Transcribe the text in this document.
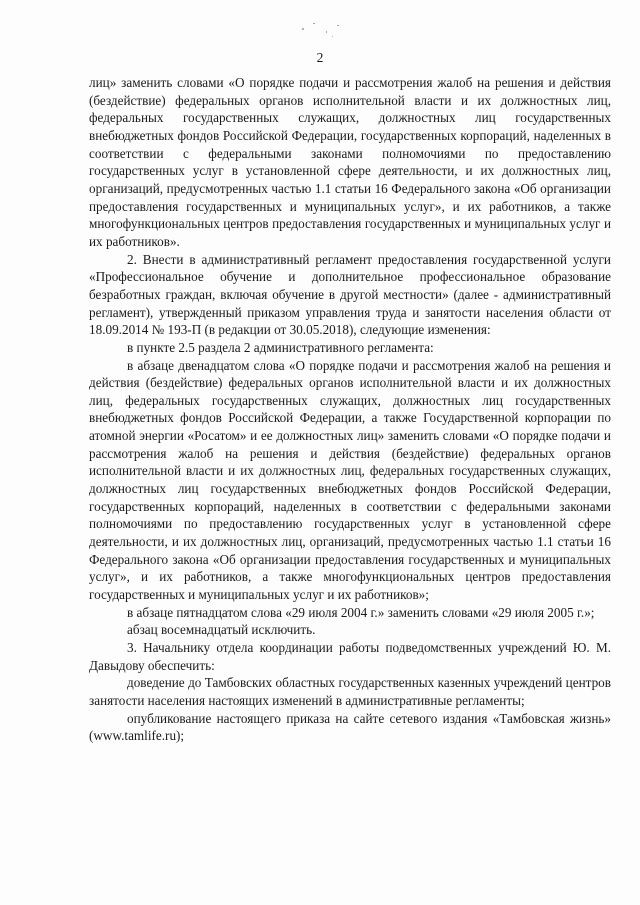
2

лиц» заменить словами «О порядке подачи и рассмотрения жалоб на решения и действия (бездействие) федеральных органов исполнительной власти и их должностных лиц, федеральных государственных служащих, должностных лиц государственных внебюджетных фондов Российской Федерации, государственных корпораций, наделенных в соответствии с федеральными законами полномочиями по предоставлению государственных услуг в установленной сфере деятельности, и их должностных лиц, организаций, предусмотренных частью 1.1 статьи 16 Федерального закона «Об организации предоставления государственных и муниципальных услуг», и их работников, а также многофункциональных центров предоставления государственных и муниципальных услуг и их работников».

2. Внести в административный регламент предоставления государственной услуги «Профессиональное обучение и дополнительное профессиональное образование безработных граждан, включая обучение в другой местности» (далее - административный регламент), утвержденный приказом управления труда и занятости населения области от 18.09.2014 № 193-П (в редакции от 30.05.2018), следующие изменения:

в пункте 2.5 раздела 2 административного регламента:

в абзаце двенадцатом слова «О порядке подачи и рассмотрения жалоб на решения и действия (бездействие) федеральных органов исполнительной власти и их должностных лиц, федеральных государственных служащих, должностных лиц государственных внебюджетных фондов Российской Федерации, а также Государственной корпорации по атомной энергии «Росатом» и ее должностных лиц» заменить словами «О порядке подачи и рассмотрения жалоб на решения и действия (бездействие) федеральных органов исполнительной власти и их должностных лиц, федеральных государственных служащих, должностных лиц государственных внебюджетных фондов Российской Федерации, государственных корпораций, наделенных в соответствии с федеральными законами полномочиями по предоставлению государственных услуг в установленной сфере деятельности, и их должностных лиц, организаций, предусмотренных частью 1.1 статьи 16 Федерального закона «Об организации предоставления государственных и муниципальных услуг», и их работников, а также многофункциональных центров предоставления государственных и муниципальных услуг и их работников»;

в абзаце пятнадцатом слова «29 июля 2004 г.» заменить словами «29 июля 2005 г.»;

абзац восемнадцатый исключить.

3. Начальнику отдела координации работы подведомственных учреждений Ю. М. Давыдову обеспечить:

доведение до Тамбовских областных государственных казенных учреждений центров занятости населения настоящих изменений в административные регламенты;

опубликование настоящего приказа на сайте сетевого издания «Тамбовская жизнь» (www.tamlife.ru);
